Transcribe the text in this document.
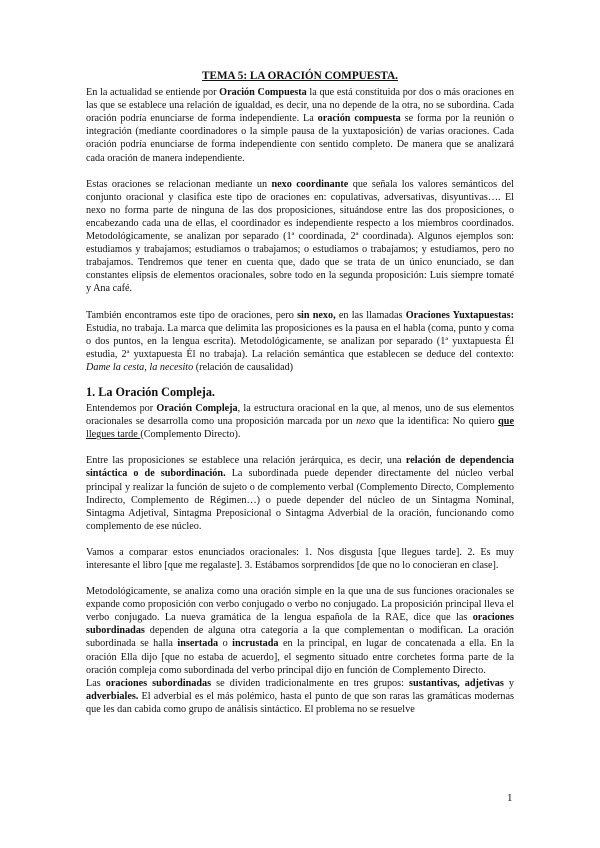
TEMA 5: LA ORACIÓN COMPUESTA.

En la actualidad se entiende por Oración Compuesta la que está constituida por dos o más oraciones en las que se establece una relación de igualdad, es decir, una no depende de la otra, no se subordina. Cada oración podría enunciarse de forma independiente. La oración compuesta se forma por la reunión o integración (mediante coordinadores o la simple pausa de la yuxtaposición) de varias oraciones. Cada oración podría enunciarse de forma independiente con sentido completo. De manera que se analizará cada oración de manera independiente.

Estas oraciones se relacionan mediante un nexo coordinante que señala los valores semánticos del conjunto oracional y clasifica este tipo de oraciones en: copulativas, adversativas, disyuntivas…. El nexo no forma parte de ninguna de las dos proposiciones, situándose entre las dos proposiciones, o encabezando cada una de ellas, el coordinador es independiente respecto a los miembros coordinados. Metodológicamente, se analizan por separado (1ª coordinada, 2ª coordinada). Algunos ejemplos son: estudiamos y trabajamos; estudiamos o trabajamos; o estudiamos o trabajamos; y estudiamos, pero no trabajamos. Tendremos que tener en cuenta que, dado que se trata de un único enunciado, se dan constantes elipsis de elementos oracionales, sobre todo en la segunda proposición: Luis siempre tomaté y Ana café.

También encontramos este tipo de oraciones, pero sin nexo, en las llamadas Oraciones Yuxtapuestas: Estudia, no trabaja. La marca que delimita las proposiciones es la pausa en el habla (coma, punto y coma o dos puntos, en la lengua escrita). Metodológicamente, se analizan por separado (1ª yuxtapuesta Él estudia, 2ª yuxtapuesta Él no trabaja). La relación semántica que establecen se deduce del contexto: Dame la cesta, la necesito (relación de causalidad)

1. La Oración Compleja.

Entendemos por Oración Compleja, la estructura oracional en la que, al menos, uno de sus elementos oracionales se desarrolla como una proposición marcada por un nexo que la identifica: No quiero que llegues tarde (Complemento Directo).

Entre las proposiciones se establece una relación jerárquica, es decir, una relación de dependencia sintáctica o de subordinación. La subordinada puede depender directamente del núcleo verbal principal y realizar la función de sujeto o de complemento verbal (Complemento Directo, Complemento Indirecto, Complemento de Régimen…) o puede depender del núcleo de un Sintagma Nominal, Sintagma Adjetival, Sintagma Preposicional o Sintagma Adverbial de la oración, funcionando como complemento de ese núcleo.

Vamos a comparar estos enunciados oracionales: 1. Nos disgusta [que llegues tarde]. 2. Es muy interesante el libro [que me regalaste]. 3. Estábamos sorprendidos [de que no lo conocieran en clase].

Metodológicamente, se analiza como una oración simple en la que una de sus funciones oracionales se expande como proposición con verbo conjugado o verbo no conjugado. La proposición principal lleva el verbo conjugado. La nueva gramática de la lengua española de la RAE, dice que las oraciones subordinadas dependen de alguna otra categoría a la que complementan o modifican. La oración subordinada se halla insertada o incrustada en la principal, en lugar de concatenada a ella. En la oración Ella dijo [que no estaba de acuerdo], el segmento situado entre corchetes forma parte de la oración compleja como subordinada del verbo principal dijo en función de Complemento Directo.

Las oraciones subordinadas se dividen tradicionalmente en tres grupos: sustantivas, adjetivas y adverbiales. El adverbial es el más polémico, hasta el punto de que son raras las gramáticas modernas que les dan cabida como grupo de análisis sintáctico. El problema no se resuelve

1
